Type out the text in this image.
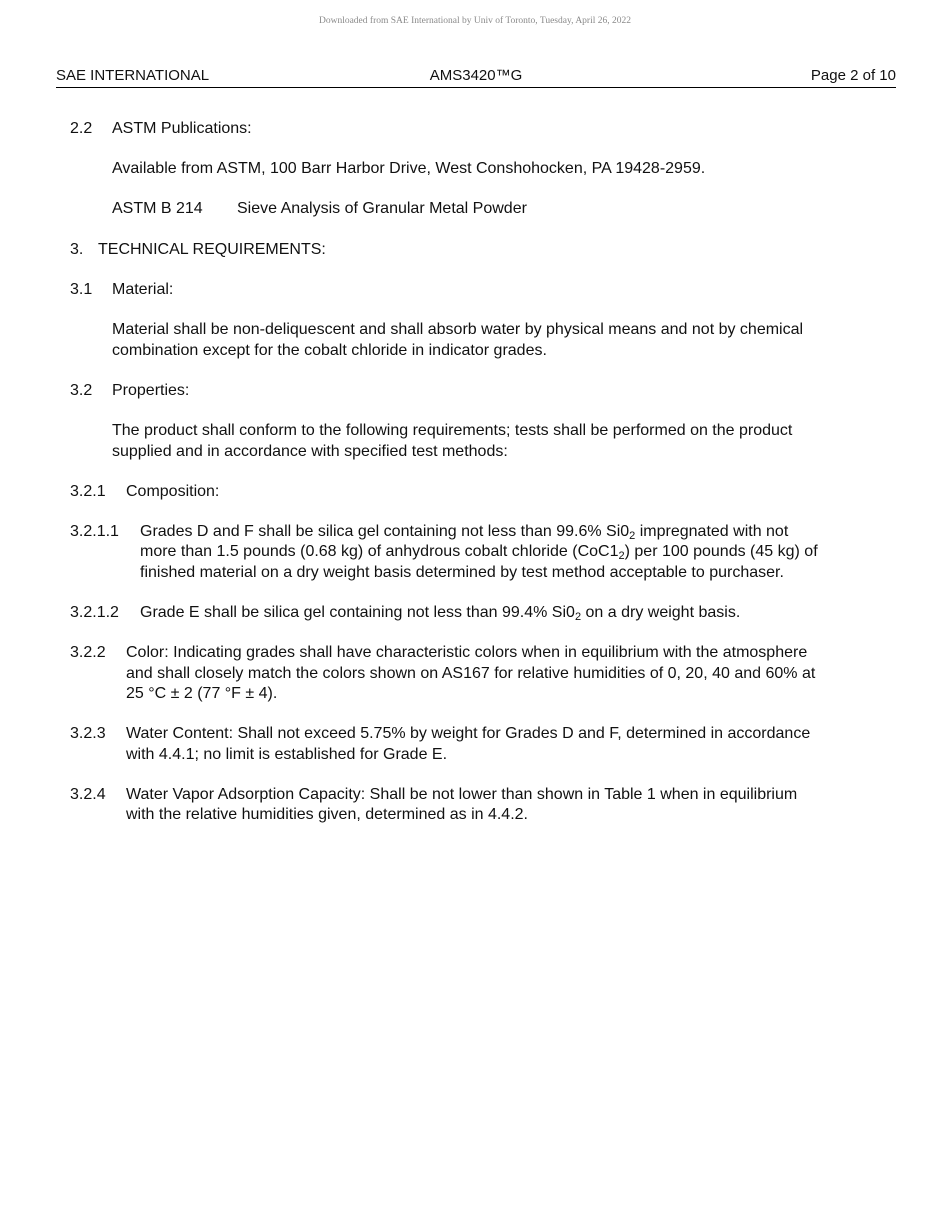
Downloaded from SAE International by Univ of Toronto, Tuesday, April 26, 2022
SAE INTERNATIONAL	AMS3420™G	Page 2 of 10
2.2 ASTM Publications:
Available from ASTM, 100 Barr Harbor Drive, West Conshohocken, PA 19428-2959.
ASTM B 214 Sieve Analysis of Granular Metal Powder
3. TECHNICAL REQUIREMENTS:
3.1 Material:
Material shall be non-deliquescent and shall absorb water by physical means and not by chemical
combination except for the cobalt chloride in indicator grades.
3.2 Properties:
The product shall conform to the following requirements; tests shall be performed on the product
supplied and in accordance with specified test methods:
3.2.1 Composition:
3.2.1.1 Grades D and F shall be silica gel containing not less than 99.6% $Si0_2$ impregnated with not
more than 1.5 pounds (0.68 kg) of anhydrous cobalt chloride $(CoC1_2)$ per 100 pounds (45 kg) of
finished material on a dry weight basis determined by test method acceptable to purchaser.
3.2.1.2 Grade E shall be silica gel containing not less than 99.4% $Si0_2$ on a dry weight basis.
3.2.2 Color: Indicating grades shall have characteristic colors when in equilibrium with the atmosphere
and shall closely match the colors shown on AS167 for relative humidities of 0, 20, 40 and 60% at
25 °C ± 2 (77 °F ± 4).
3.2.3 Water Content: Shall not exceed 5.75% by weight for Grades D and F, determined in accordance
with 4.4.1; no limit is established for Grade E.
3.2.4 Water Vapor Adsorption Capacity: Shall be not lower than shown in Table 1 when in equilibrium
with the relative humidities given, determined as in 4.4.2.
